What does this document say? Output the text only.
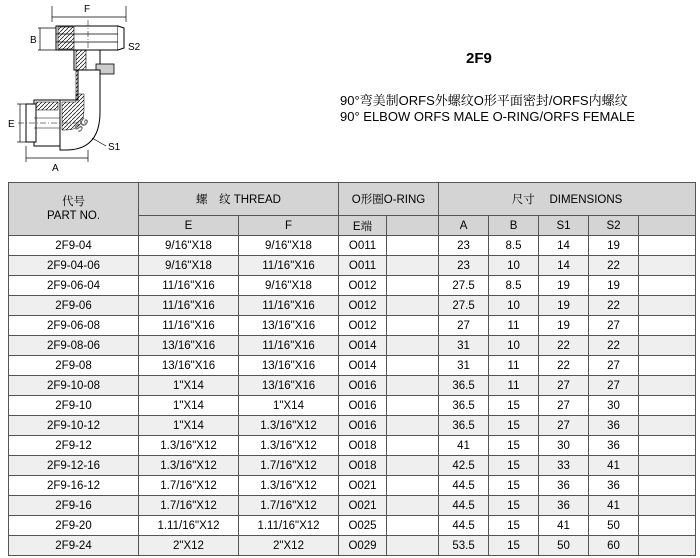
F
B
S2
SG
E
S1
A
2F9
90°弯美制ORFS外螺纹O形平面密封/ORFS内螺纹
90° ELBOW ORFS MALE O-RING/ORFS FEMALE
代号
PART NO.	螺　纹 THREAD		O形圈O-RING		尺寸　 DIMENSIONS				
	E	F	E端		A	B	S1	S2	
2F9-04	9/16"X18	9/16"X18	O011		23	8.5	14	19	
2F9-04-06	9/16"X18	11/16"X16	O011		23	10	14	22	
2F9-06-04	11/16"X16	9/16"X18	O012		27.5	8.5	19	19	
2F9-06	11/16"X16	11/16"X16	O012		27.5	10	19	22	
2F9-06-08	11/16"X16	13/16"X16	O012		27	11	19	27	
2F9-08-06	13/16"X16	11/16"X16	O014		31	10	22	22	
2F9-08	13/16"X16	13/16"X16	O014		31	11	22	27	
2F9-10-08	1"X14	13/16"X16	O016		36.5	11	27	27	
2F9-10	1"X14	1"X14	O016		36.5	15	27	30	
2F9-10-12	1"X14	1.3/16"X12	O016		36.5	15	27	36	
2F9-12	1.3/16"X12	1.3/16"X12	O018		41	15	30	36	
2F9-12-16	1.3/16"X12	1.7/16"X12	O018		42.5	15	33	41	
2F9-16-12	1.7/16"X12	1.3/16"X12	O021		44.5	15	36	36	
2F9-16	1.7/16"X12	1.7/16"X12	O021		44.5	15	36	41	
2F9-20	1.11/16"X12	1.11/16"X12	O025		44.5	15	41	50	
2F9-24	2"X12	2"X12	O029		53.5	15	50	60	
